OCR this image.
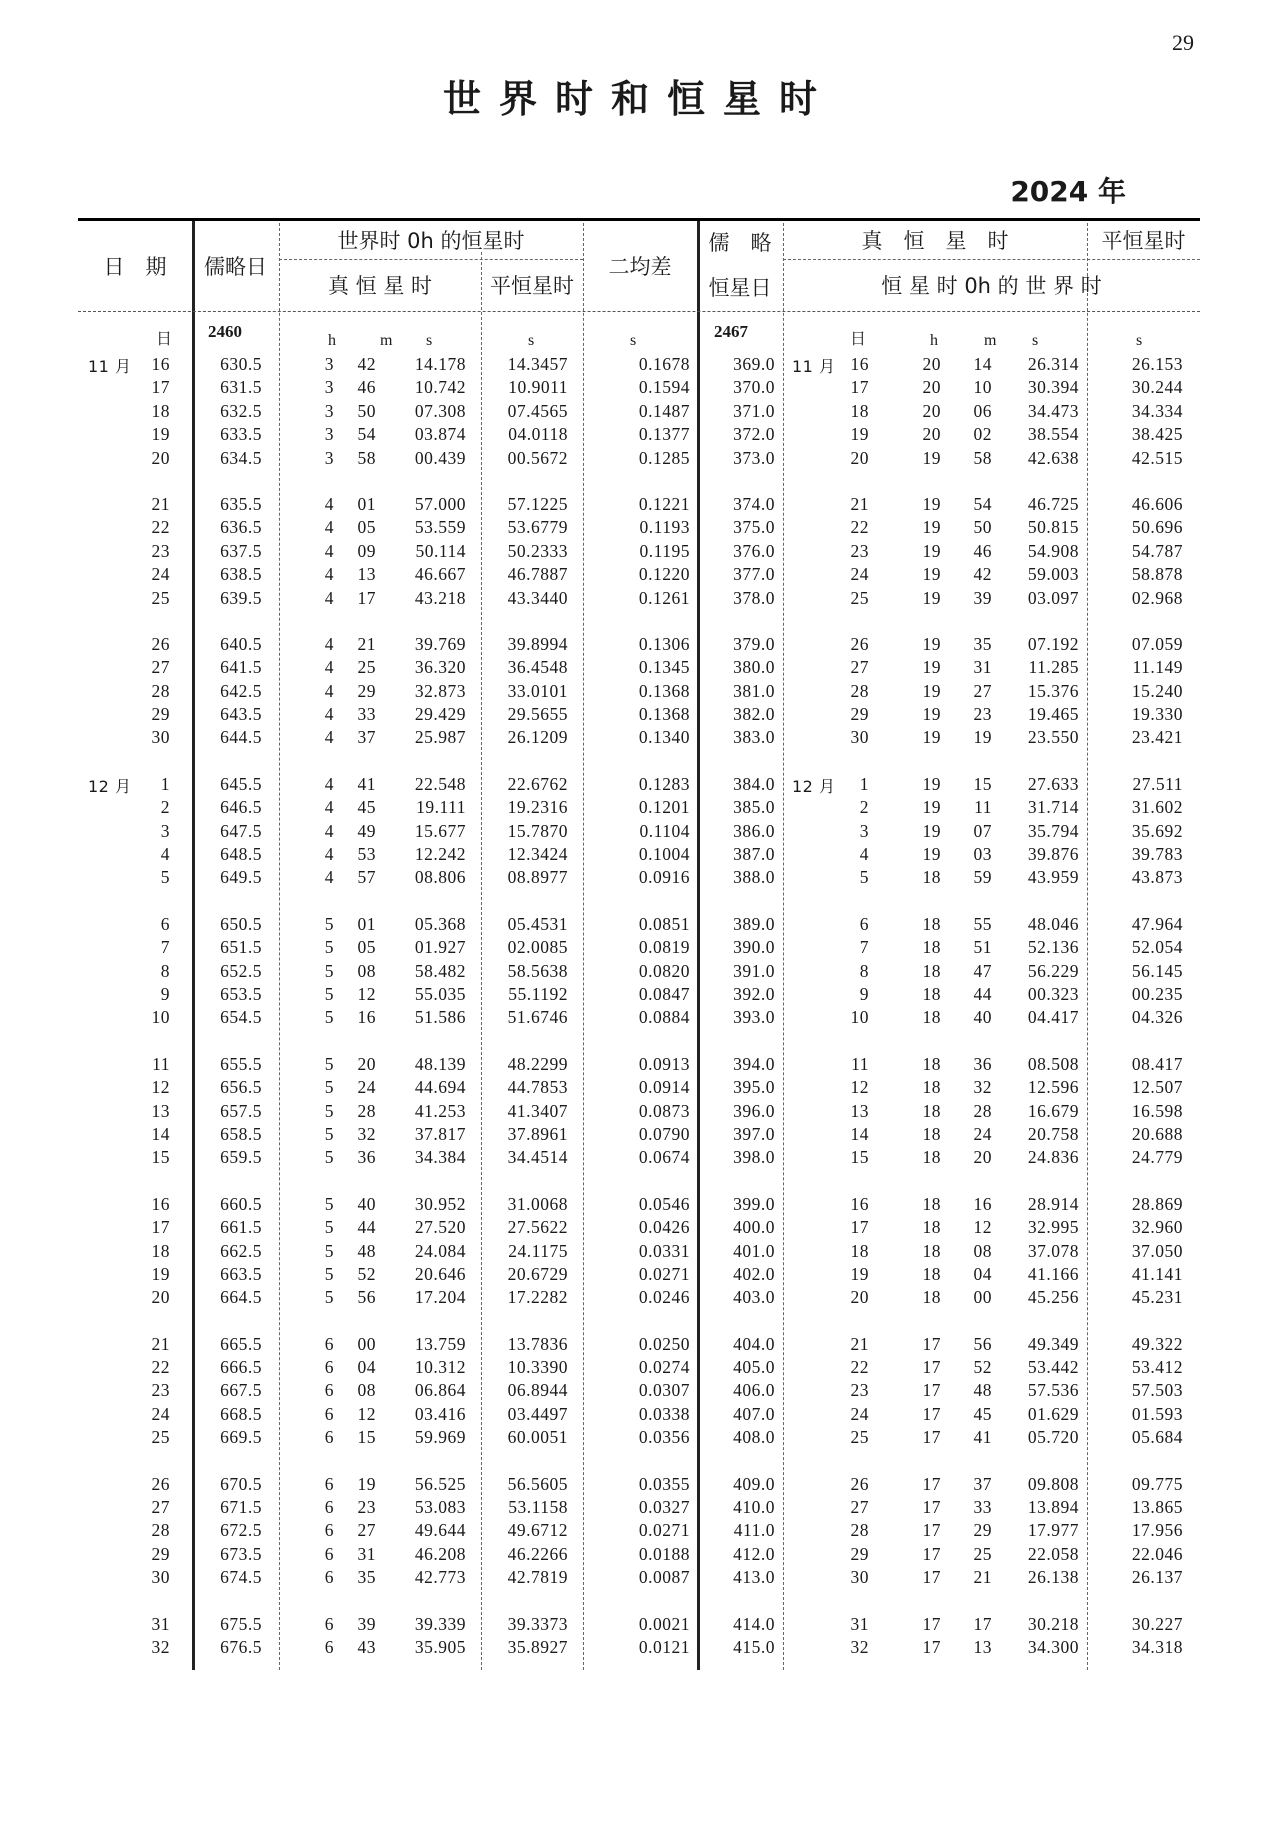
29
世界时和恒星时
2024 年
日　期	儒略日
世界时 0h 的恒星时
真 恒 星 时	平恒星时
二均差
儒　略
恒星日
真　恒　星　时	平恒星时
恒 星 时 0h 的 世 界 时
日 2460	h	m s	s	s	2467	日	h	m s	s
11 月 16	630.5	3 42 14.178 14.3457	0.1678 369.0 11 月 16	20 14 26.314	26.153
17	631.5	3 46 10.742 10.9011	0.1594 370.0	17	20 10 30.394	30.244
18	632.5	3 50 07.308 07.4565	0.1487 371.0	18	20 06 34.473	34.334
19	633.5	3 54 03.874 04.0118	0.1377 372.0	19	20 02 38.554	38.425
20	634.5	3 58 00.439 00.5672	0.1285 373.0	20	19 58 42.638	42.515
21	635.5	4 01 57.000 57.1225	0.1221 374.0	21	19 54 46.725	46.606
22	636.5	4 05 53.559 53.6779	0.1193 375.0	22	19 50 50.815	50.696
23	637.5	4 09 50.114 50.2333	0.1195 376.0	23	19 46 54.908	54.787
24	638.5	4 13 46.667 46.7887	0.1220 377.0	24	19 42 59.003	58.878
25	639.5	4 17 43.218 43.3440	0.1261 378.0	25	19 39 03.097	02.968
26	640.5	4 21 39.769 39.8994	0.1306 379.0	26	19 35 07.192	07.059
27	641.5	4 25 36.320 36.4548	0.1345 380.0	27	19 31 11.285	11.149
28	642.5	4 29 32.873 33.0101	0.1368 381.0	28	19 27 15.376	15.240
29	643.5	4 33 29.429 29.5655	0.1368 382.0	29	19 23 19.465	19.330
30	644.5	4 37 25.987 26.1209	0.1340 383.0	30	19 19 23.550	23.421
12 月 1	645.5	4 41 22.548 22.6762	0.1283 384.0 12 月 1	19 15 27.633	27.511
2	646.5	4 45 19.111 19.2316	0.1201 385.0	2	19 11 31.714	31.602
3	647.5	4 49 15.677 15.7870	0.1104 386.0	3	19 07 35.794	35.692
4	648.5	4 53 12.242 12.3424	0.1004 387.0	4	19 03 39.876	39.783
5	649.5	4 57 08.806 08.8977	0.0916 388.0	5	18 59 43.959	43.873
6	650.5	5 01 05.368 05.4531	0.0851 389.0	6	18 55 48.046	47.964
7	651.5	5 05 01.927 02.0085	0.0819 390.0	7	18 51 52.136	52.054
8	652.5	5 08 58.482 58.5638	0.0820 391.0	8	18 47 56.229	56.145
9	653.5	5 12 55.035 55.1192	0.0847 392.0	9	18 44 00.323	00.235
10	654.5	5 16 51.586 51.6746	0.0884 393.0	10	18 40 04.417	04.326
11	655.5	5 20 48.139 48.2299	0.0913 394.0	11	18 36 08.508	08.417
12	656.5	5 24 44.694 44.7853	0.0914 395.0	12	18 32 12.596	12.507
13	657.5	5 28 41.253 41.3407	0.0873 396.0	13	18 28 16.679	16.598
14	658.5	5 32 37.817 37.8961	0.0790 397.0	14	18 24 20.758	20.688
15	659.5	5 36 34.384 34.4514	0.0674 398.0	15	18 20 24.836	24.779
16	660.5	5 40 30.952 31.0068	0.0546 399.0	16	18 16 28.914	28.869
17	661.5	5 44 27.520 27.5622	0.0426 400.0	17	18 12 32.995	32.960
18	662.5	5 48 24.084 24.1175	0.0331 401.0	18	18 08 37.078	37.050
19	663.5	5 52 20.646 20.6729	0.0271 402.0	19	18 04 41.166	41.141
20	664.5	5 56 17.204 17.2282	0.0246 403.0	20	18 00 45.256	45.231
21	665.5	6 00 13.759 13.7836	0.0250 404.0	21	17 56 49.349	49.322
22	666.5	6 04 10.312 10.3390	0.0274 405.0	22	17 52 53.442	53.412
23	667.5	6 08 06.864 06.8944	0.0307 406.0	23	17 48 57.536	57.503
24	668.5	6 12 03.416 03.4497	0.0338 407.0	24	17 45 01.629	01.593
25	669.5	6 15 59.969 60.0051	0.0356 408.0	25	17 41 05.720	05.684
26	670.5	6 19 56.525 56.5605	0.0355 409.0	26	17 37 09.808	09.775
27	671.5	6 23 53.083 53.1158	0.0327 410.0	27	17 33 13.894	13.865
28	672.5	6 27 49.644 49.6712	0.0271	411.0	28	17 29 17.977	17.956
29	673.5	6 31 46.208 46.2266	0.0188 412.0	29	17 25 22.058	22.046
30	674.5	6 35 42.773 42.7819	0.0087 413.0	30	17 21 26.138	26.137
31	675.5	6 39 39.339 39.3373	0.0021 414.0	31	17 17 30.218	30.227
32	676.5	6 43 35.905 35.8927	0.0121 415.0	32	17 13 34.300	34.318
